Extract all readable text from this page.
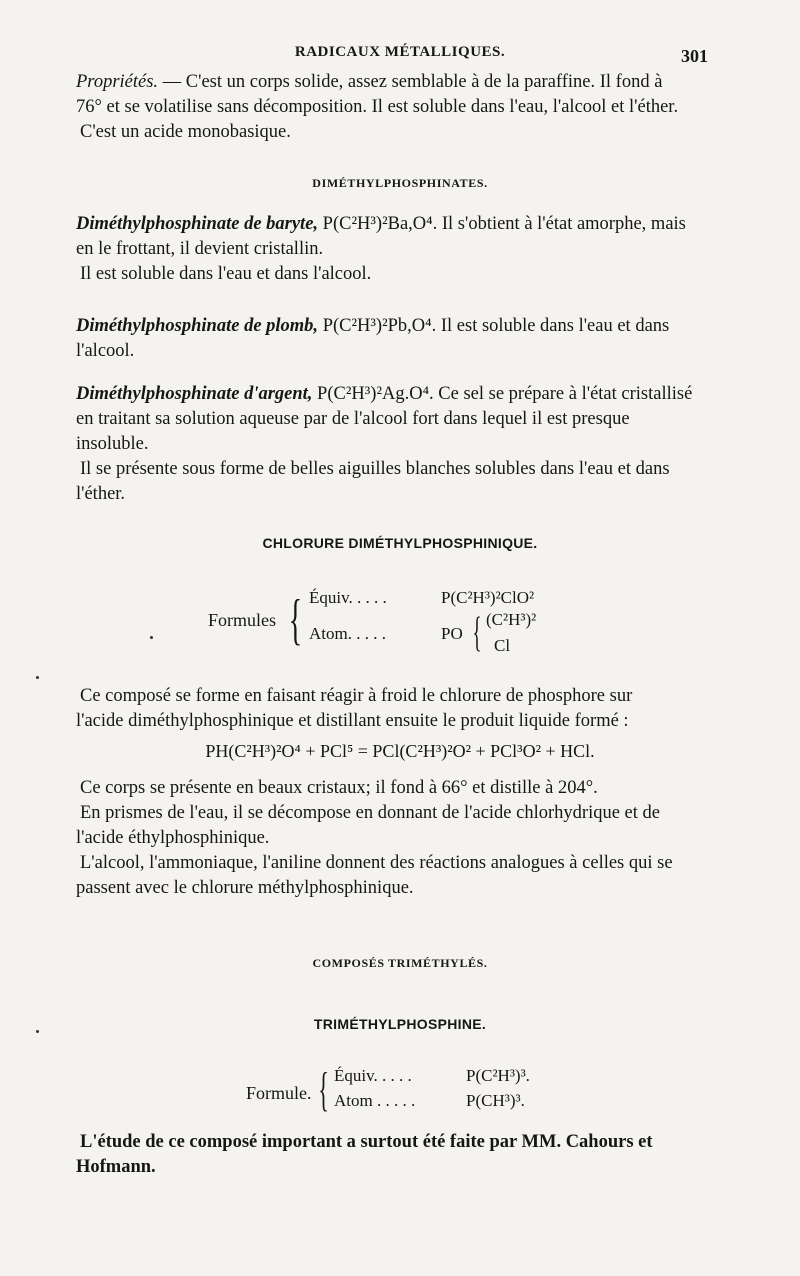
RADICAUX MÉTALLIQUES.	301

Propriétés. — C'est un corps solide, assez semblable à de la paraffine. Il fond à

76° et se volatilise sans décomposition. Il est soluble dans l'eau, l'alcool et l'éther.

C'est un acide monobasique.

DIMÉTHYLPHOSPHINATES.

Diméthylphosphinate de baryte, P(C²H³)²Ba,O⁴. Il s'obtient à l'état amorphe, mais

en le frottant, il devient cristallin.

Il est soluble dans l'eau et dans l'alcool.

Diméthylphosphinate de plomb, P(C²H³)²Pb,O⁴. Il est soluble dans l'eau et dans

l'alcool.

Diméthylphosphinate d'argent, P(C²H³)²Ag.O⁴. Ce sel se prépare à l'état cristallisé

en traitant sa solution aqueuse par de l'alcool fort dans lequel il est presque

insoluble.

Il se présente sous forme de belles aiguilles blanches solubles dans l'eau et dans

l'éther.

CHLORURE DIMÉTHYLPHOSPHINIQUE.
Formules { Équiv. . . . .	P(C²H³)²ClO²
Atom. . . . .	PO { (C²H³)²
Cl

Ce composé se forme en faisant réagir à froid le chlorure de phosphore sur

l'acide diméthylphosphinique et distillant ensuite le produit liquide formé :

PH(C²H³)²O⁴ + PCl⁵ = PCl(C²H³)²O² + PCl³O² + HCl.

Ce corps se présente en beaux cristaux; il fond à 66° et distille à 204°.

En prismes de l'eau, il se décompose en donnant de l'acide chlorhydrique et de

l'acide éthylphosphinique.

L'alcool, l'ammoniaque, l'aniline donnent des réactions analogues à celles qui se

passent avec le chlorure méthylphosphinique.

COMPOSÉS TRIMÉTHYLÉS.
TRIMÉTHYLPHOSPHINE.
Formule. { Équiv. . . . .	P(C²H³)³.
Atom . . . . .	P(CH³)³.

L'étude de ce composé important a surtout été faite par MM. Cahours et

Hofmann.
